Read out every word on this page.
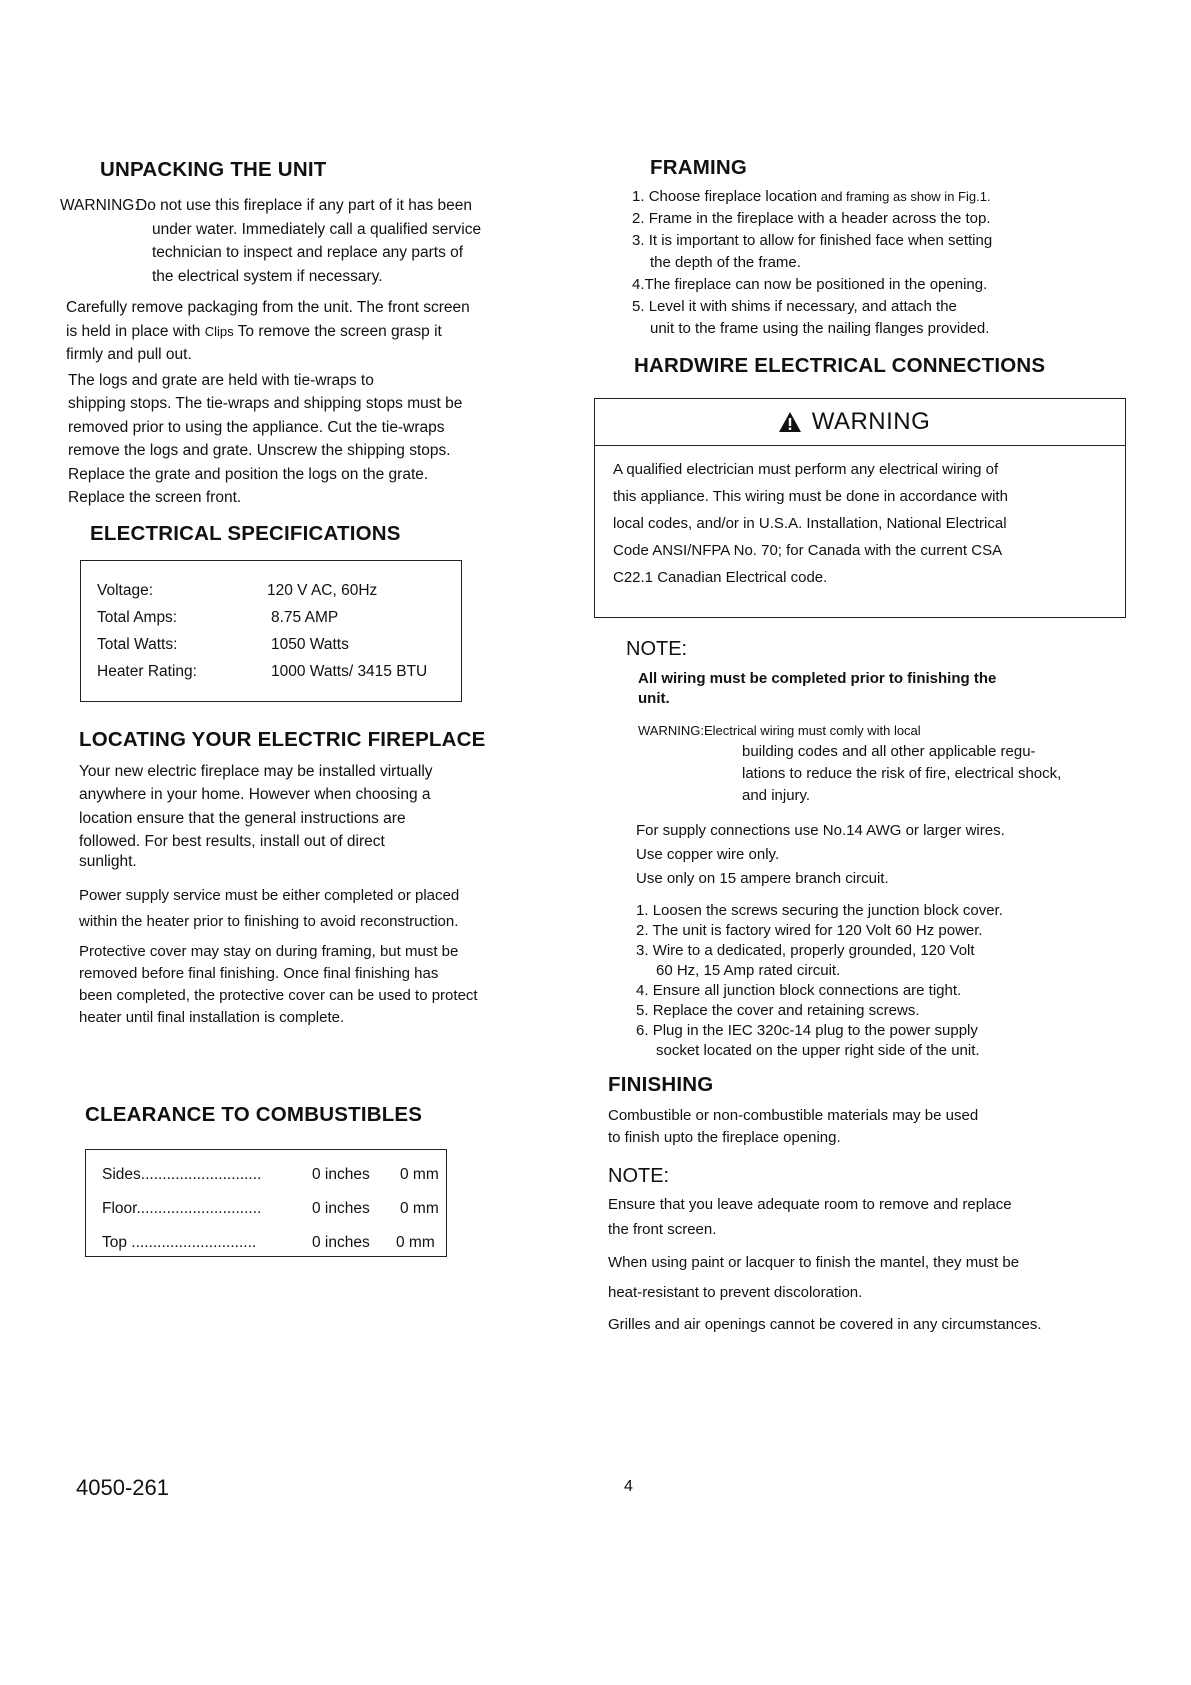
UNPACKING THE UNIT
WARNING:
Do not use this fireplace if any part of it has been
under water. Immediately call a qualified service
technician to inspect and replace any parts of
the electrical system if necessary.
Carefully remove packaging from the unit. The front screen
is held in place with Clips To remove the screen grasp it
firmly and pull out.
The logs and grate are held with tie-wraps to
shipping stops. The tie-wraps and shipping stops must be
removed prior to using the appliance. Cut the tie-wraps
remove the logs and grate. Unscrew the shipping stops.
Replace the grate and position the logs on the grate.
Replace the screen front.
ELECTRICAL SPECIFICATIONS
Voltage:	120 V AC, 60Hz
Total Amps:	8.75 AMP
Total Watts:	1050 Watts
Heater Rating:	1000 Watts/ 3415 BTU
LOCATING YOUR ELECTRIC FIREPLACE
Your new electric fireplace may be installed virtually
anywhere in your home. However when choosing a
location ensure that the general instructions are
followed. For best results, install out of direct
sunlight.
Power supply service must be either completed or placed
within the heater prior to finishing to avoid reconstruction.
Protective cover may stay on during framing, but must be
removed before final finishing. Once final finishing has
been completed, the protective cover can be used to protect
heater until final installation is complete.
CLEARANCE TO COMBUSTIBLES
Sides............................	0 inches	0 mm
Floor.............................	0 inches	0 mm
Top .............................	0 inches	0 mm
FRAMING
1. Choose fireplace location and framing as show in Fig.1.
2. Frame in the fireplace with a header across the top.
3. It is important to allow for finished face when setting
the depth of the frame.
4.The fireplace can now be positioned in the opening.
5. Level it with shims if necessary, and attach the
unit to the frame using the nailing flanges provided.
HARDWIRE ELECTRICAL CONNECTIONS
WARNING
A qualified electrician must perform any electrical wiring of
this appliance. This wiring must be done in accordance with
local codes, and/or in U.S.A. Installation, National Electrical
Code ANSI/NFPA No. 70; for Canada with the current CSA
C22.1 Canadian Electrical code.
NOTE:
All wiring must be completed prior to finishing the
unit.
WARNING:Electrical wiring must comly with local
building codes and all other applicable regu-
lations to reduce the risk of fire, electrical shock,
and injury.
For supply connections use No.14 AWG or larger wires.
Use copper wire only.
Use only on 15 ampere branch circuit.
1. Loosen the screws securing the junction block cover.
2. The unit is factory wired for 120 Volt 60 Hz power.
3. Wire to a dedicated, properly grounded, 120 Volt
60 Hz, 15 Amp rated circuit.
4. Ensure all junction block connections are tight.
5. Replace the cover and retaining screws.
6. Plug in the IEC 320c-14 plug to the power supply
socket located on the upper right side of the unit.
FINISHING
Combustible or non-combustible materials may be used
to finish upto the fireplace opening.
NOTE:
Ensure that you leave adequate room to remove and replace
the front screen.
When using paint or lacquer to finish the mantel, they must be
heat-resistant to prevent discoloration.
Grilles and air openings cannot be covered in any circumstances.
4050-261	4
